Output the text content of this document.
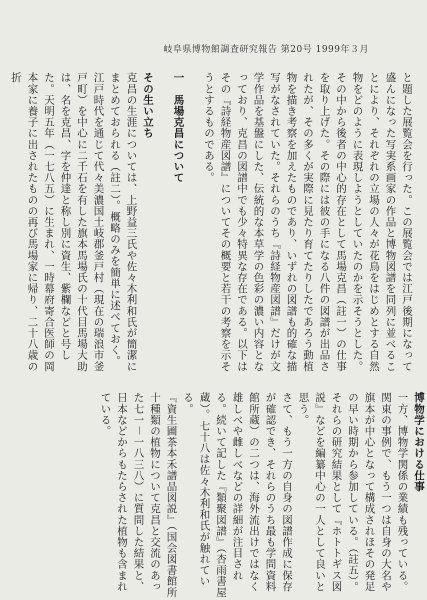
岐阜県博物館調査研究報告 第20号 1999年３月
と題した展覧会を行った。この展覧会では江戸後期になって盛んになった写実系画家の作品と博物図譜を同列に並べることにより、それぞれの立場の人々が花鳥をはじめとする自然物をどのように表現しようとしていたのかを示そうとした。その中から後者の中心的存在として馬場克昌（註一）の仕事を取り上げた。その際には彼の手になる八件の図譜が出品されたが、その多くが実際に見たり育てたりしたであろう動植物を描き考察を加えたものであり、いずれの図譜も的確な描写がなされていた。それらのうち『詩経物産図譜』だけが文学作品を基盤にした、伝統的な本草学の色彩の濃い内容となっており、克昌の図譜中でも少々特異な存在である。以下はその『詩経物産図譜』についてその概要と若干の考察を示そうとするものである。
一　馬場克昌について
その生い立ち
克昌の生涯については、上野益三氏や佐々木利和氏が簡潔にまとめておられる（註二）。概略のみを簡単に述べておく。
江戸時代を通じて代々美濃国土岐郡釜戸村（現在の瑞浪市釜戸町）を中心に二千石を有した旗本馬場氏の十代目馬場大助は、名を克昌、字を仲達と称し別に資生、紫欄などと号した。天明五年（一七八五）に生まれ、一時幕府寄合医師の岡本家に養子に出されたものの再び馬場家に帰り、二十八歳の折
博物学における仕事
一方、博物学関係の業績も残っている。関東の事例で、もう一つは自身の大名や旗本が中心となって構成されほその発足の早い時期から参加している。（註五）。それらの研究結果として『ホトトギス図説』などを編纂中心の一人として良いと思う。
さて、もう一方の自身の図譜作成に保存が確認でき、それらのうち最も学問資料館所蔵）の二つは、海外流出けではなく雄しべや雌しべなどの詳細が注目される。続いて記した『類聚図譜』（杏雨書屋蔵）。七十八は佐々木利和氏が触れている。
『資生圃茶本禾譜品図説』（国会図書館所十種類の植物について克昌と交流のあった七一－一八三八）に質問した結果と、日本などからもたらされた植物も含まれている。
